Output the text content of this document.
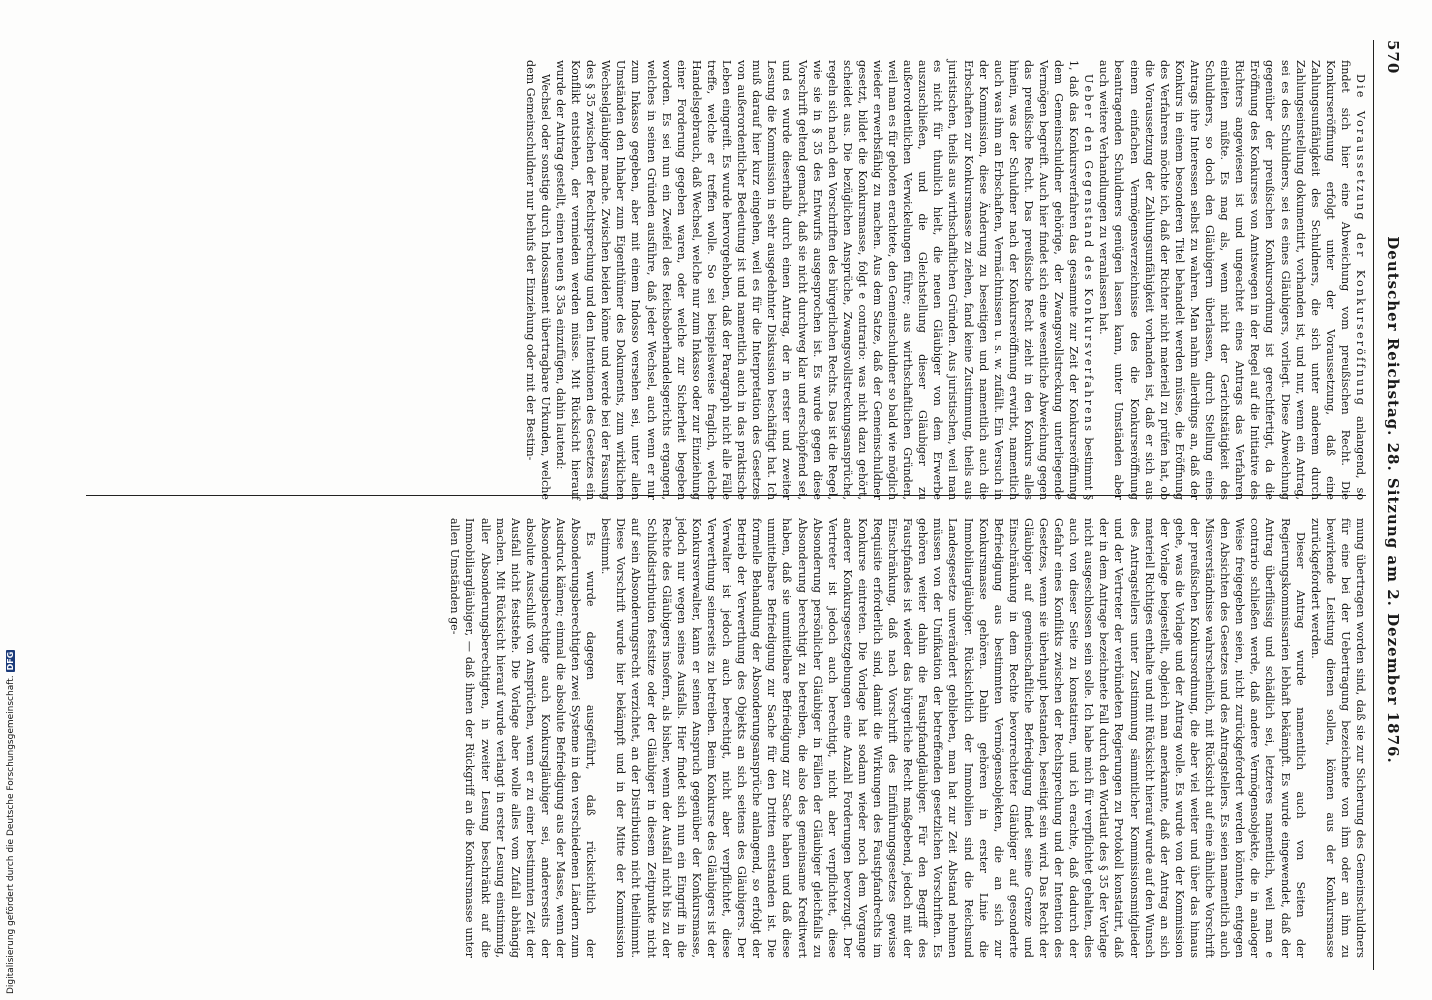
570
Deutscher Reichstag. 28. Sitzung am 2. Dezember 1876.

Die Voraussetzung der Konkurseröffnung anlangend, so findet sich hier eine Abweichung vom preußischen Recht. Die Konkurseröffnung erfolgt unter der Voraussetzung, daß eine Zahlungsunfähigkeit des Schuldners, die sich unter anderem durch Zahlungseinstellung dokumentirt, vorhanden ist, und nur, wenn ein Antrag, sei es des Schuldners, sei es eines Gläubigers, vorliegt. Diese Abweichung gegenüber der preußischen Konkursordnung ist gerechtfertigt, da die Eröffnung des Konkurses von Amtswegen in der Regel auf die Initiative des Richters angewiesen ist und ungeachtet eines Antrags das Verfahren einleiten müßte. Es mag als, wenn nicht der Gerichtstätigkeit des Schuldners, so doch den Gläubigern überlassen, durch Stellung eines Antrags ihre Interessen selbst zu wahren. Man nahm allerdings an, daß der Konkurs in einem besonderen Titel behandelt werden müsse, die Eröffnung des Verfahrens möchte ich, daß der Richter nicht materiell zu prüfen hat, ob die Voraussetzung der Zahlungsunfähigkeit vorhanden ist, daß er sich aus einem einfachen Vermögensverzeichnisse des die Konkurseröffnung beantragenden Schuldners genügen lassen kann, unter Umständen aber auch weitere Verhandlungen zu veranlassen hat.

Ueber den Gegenstand des Konkursverfahrens bestimmt § 1, daß das Konkursverfahren das gesammte zur Zeit der Konkurseröffnung dem Gemeinschuldner gehörige, der Zwangsvollstreckung unterliegende Vermögen begreift. Auch hier findet sich eine wesentliche Abweichung gegen das preußische Recht. Das preußische Recht zieht in den Konkurs alles hinein, was der Schuldner nach der Konkurseröffnung erwirbt, namentlich auch was ihm an Erbschaften, Vermächtnissen u. s. w. zufällt. Ein Versuch in der Kommission, diese Änderung zu beseitigen und namentlich auch die Erbschaften zur Konkursmasse zu ziehen, fand keine Zustimmung, theils aus juristischen, theils aus wirthschaftlichen Gründen. Aus juristischen, weil man es nicht für thunlich hielt, die neuen Gläubiger von dem Erwerbe auszuschließen, und die Gleichstellung dieser Gläubiger zu außerordentlichen Verwickelungen führe; aus wirthschaftlichen Gründen, weil man es für geboten erachtete, den Gemeinschuldner so bald wie möglich wieder erwerbsfähig zu machen. Aus dem Satze, daß der Gemeinschuldner gesetzt, bildet die Konkursmasse, folgt e contrario: was nicht dazu gehört, scheidet aus. Die bezüglichen Ansprüche, Zwangsvollstreckungsansprüche, regeln sich nach den Vorschriften des bürgerlichen Rechts. Das ist die Regel, wie sie in § 35 des Entwurfs ausgesprochen ist. Es wurde gegen diese Vorschrift geltend gemacht, daß sie nicht durchweg klar und erschöpfend sei, und es wurde dieserhalb durch einen Antrag, der in erster und zweiter Lesung die Kommission in sehr ausgedehnter Diskussion beschäftigt hat. Ich muß darauf hier kurz eingehen, weil es für die Interpretation des Gesetzes von außerordentlicher Bedeutung ist und namentlich auch in das praktische Leben eingreift. Es wurde hervorgehoben, daß der Paragraph nicht alle Fälle treffe, welche er treffen wolle. So sei beispielsweise fraglich, welche Handelsgebrauch, daß Wechsel, welche nur zum Inkasso oder zur Einziehung einer Forderung gegeben waren, oder welche zur Sicherheit begeben worden. Es sei nun ein Zweifel des Reichsoberhandelsgerichts ergangen, welches in seinen Gründen ausführe, daß jeder Wechsel, auch wenn er nur zum Inkasso gegeben, aber mit einem Indosso versehen sei, unter allen Umständen den Inhaber zum Eigenthümer des Dokuments, zum wirklichen Wechselgläubiger mache. Zwischen beiden könne und werde bei der Fassung des § 35 zwischen der Rechtsprechung und den Intentionen des Gesetzes ein Konflikt entstehen, der vermieden werden müsse. Mit Rücksicht hierauf wurde der Antrag gestellt, einen neuen § 35a einzufügen, dahin lautend:

Wechsel oder sonstige durch Indossament übertragbare Urkunden, welche dem Gemeinschuldner nur behufs der Einziehung oder mit der Bestim-

mung übertragen worden sind, daß sie zur Sicherung des Gemeinschuldners für eine bei der Uebertragung bezeichnete von ihm oder an ihm zu bewirkende Leistung dienen sollen, können aus der Konkursmasse zurückgefordert werden.

Dieser Antrag wurde namentlich auch von Seiten der Regierungskommissarien lebhaft bekämpft. Es wurde eingewendet, daß der Antrag überflüssig und schädlich sei, letzteres namentlich, weil man e contrario schließen werde, daß andere Vermögensobjekte, die in analoger Weise freigegeben seien, nicht zurückgefordert werden könnten, entgegen den Absichten des Gesetzes und des Antragstellers. Es seien namentlich auch Missverständnisse wahrscheinlich, mit Rücksicht auf eine ähnliche Vorschrift der preußischen Konkursordnung, die aber viel weiter und über das hinaus gehe, was die Vorlage und der Antrag wolle. Es wurde von der Kommission der Vorlage beigestellt, obgleich man anerkannte, daß der Antrag an sich materiell Richtiges enthalte und mit Rücksicht hierauf wurde auf den Wunsch des Antragstellers unter Zustimmung sämmtlicher Kommissionsmitglieder und der Vertreter der verbündeten Regierungen zu Protokoll konstatirt, daß der in dem Antrage bezeichnete Fall durch den Wortlaut des § 35 der Vorlage nicht ausgeschlossen sein solle. Ich habe mich für verpflichtet gehalten, dies auch von dieser Seite zu konstatiren, und ich erachte, daß dadurch der Gefahr eines Konflikts zwischen der Rechtsprechung und der Intention des Gesetzes, wenn sie überhaupt bestanden, beseitigt sein wird. Das Recht der Gläubiger auf gemeinschaftliche Befriedigung findet seine Grenze und Einschränkung in dem Rechte bevorrechteter Gläubiger auf gesonderte Befriedigung aus bestimmten Vermögensobjekten, die an sich zur Konkursmasse gehören. Dahin gehören in erster Linie die Immobiliargläubiger. Rücksichtlich der Immobilien sind die Reichsund Landesgesetze unverändert geblieben, man hat zur Zeit Abstand nehmen müssen von der Unifikation der betreffenden gesetzlichen Vorschriften. Es gehören weiter dahin die Faustpfandgläubiger. Für den Begriff des Faustpfandes ist wieder das bürgerliche Recht maßgebend, jedoch mit der Einschränkung, daß nach Vorschrift des Einführungsgesetzes gewisse Requisite erforderlich sind, damit die Wirkungen des Faustpfandrechts im Konkurse eintreten. Die Vorlage hat sodann wieder noch dem Vorgange anderer Konkursgesetzgebungen eine Anzahl Forderungen bevorzugt. Der Vertreter ist jedoch auch berechtigt, nicht aber verpflichtet, diese Absonderung persönlicher Gläubiger in Fällen der Gläubiger gleichfalls zu Absonderung berechtigt zu betreiben, die also des gemeinsame Kreditwert haben, daß sie unmittelbare Befriedigung zur Sache haben und daß diese unmittelbare Befriedigung zur Sache für den Dritten entstanden ist. Die formelle Behandlung der Absonderungsansprüche anlangend, so erfolgt der Betrieb der Verwerthung des Objekts an sich seitens des Gläubigers. Der Verwalter ist jedoch auch berechtigt, nicht aber verpflichtet, diese Verwerthung seinerseits zu betreiben. Beim Konkurse des Gläubigers ist der Konkursverwalter, kann er seinen Anspruch gegenüber der Konkursmasse, jedoch nur wegen seines Ausfalls. Hier findet sich nun ein Eingriff in die Rechte des Gläubigers insofern, als bisher, wenn der Ausfall nicht bis zu der Schlußdistribution festsitze oder der Gläubiger in diesem Zeitpunkte nicht auf sein Absonderungsrecht verzichtet, an der Distribution nicht theilnimmt. Diese Vorschrift wurde hier bekämpft und in der Mitte der Kommission bestimmt.

Es wurde dagegen ausgeführt, daß rücksichtlich der Absonderungsberechtigten zwei Systeme in den verschiedenen Ländern zum Ausdruck kämen; einmal die absolute Befriedigung aus der Masse, wenn der Absonderungsberechtigte auch Konkursgläubiger sei, andererseits der absolute Ausschluß von Ansprüchen, wenn er zu einer bestimmten Zeit der Ausfall nicht feststehe. Die Vorlage aber wolle alles vom Zufall abhängig machen. Mit Rücksicht hierauf wurde verlangt in erster Lesung einstimmig, aller Absonderungsberechtigten, in zweiter Lesung beschränkt auf die Immobiliargläubiger, — daß ihnen der Rückgriff an die Konkursmasse unter allen Umständen ge-

Digitalisierung gefördert durch die Deutsche Forschungsgemeinschaft.DFG
